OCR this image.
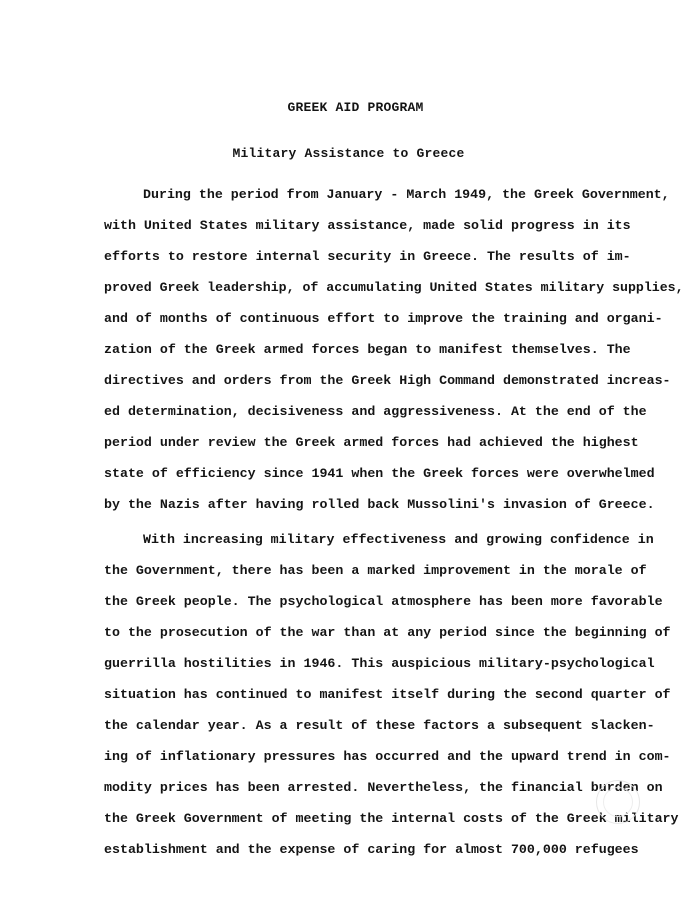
GREEK AID PROGRAM
Military Assistance to Greece
During the period from January - March 1949, the Greek Government,
with United States military assistance, made solid progress in its
efforts to restore internal security in Greece. The results of im-
proved Greek leadership, of accumulating United States military supplies,
and of months of continuous effort to improve the training and organi-
zation of the Greek armed forces began to manifest themselves. The
directives and orders from the Greek High Command demonstrated increas-
ed determination, decisiveness and aggressiveness. At the end of the
period under review the Greek armed forces had achieved the highest
state of efficiency since 1941 when the Greek forces were overwhelmed
by the Nazis after having rolled back Mussolini's invasion of Greece.
With increasing military effectiveness and growing confidence in
the Government, there has been a marked improvement in the morale of
the Greek people. The psychological atmosphere has been more favorable
to the prosecution of the war than at any period since the beginning of
guerrilla hostilities in 1946. This auspicious military-psychological
situation has continued to manifest itself during the second quarter of
the calendar year. As a result of these factors a subsequent slacken-
ing of inflationary pressures has occurred and the upward trend in com-
modity prices has been arrested. Nevertheless, the financial burden on
the Greek Government of meeting the internal costs of the Greek military
establishment and the expense of caring for almost 700,000 refugees
